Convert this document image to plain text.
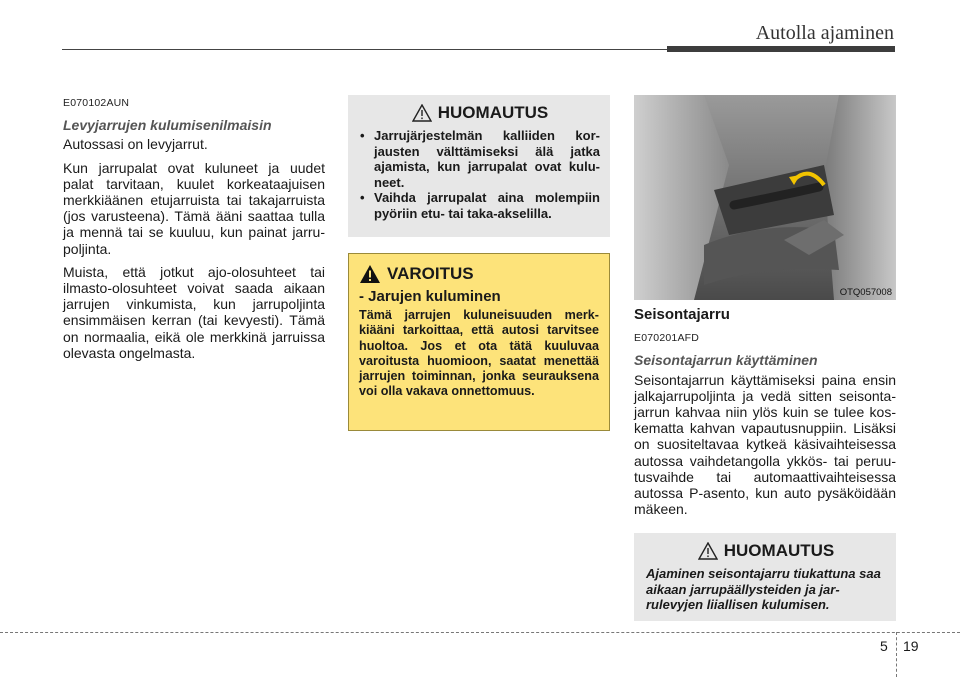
Autolla ajaminen
E070102AUN
Levyjarrujen kulumisenilmaisin

Autossasi on levyjarrut.

Kun jarrupalat ovat kuluneet ja uudet palat tarvitaan, kuulet korkeataajuisen merkkiäänen etujarruista tai takajarruista (jos varusteena). Tämä ääni saattaa tulla ja mennä tai se kuuluu, kun painat jarrupoljinta.

Muista, että jotkut ajo-olosuhteet tai ilmasto-olosuhteet voivat saada aikaan jarrujen vinkumista, kun jarrupoljinta ensimmäisen kerran (tai kevyesti). Tämä on normaalia, eikä ole merkkinä jarruissa olevasta ongelmasta.

HUOMAUTUS
• Jarrujärjestelmän kalliiden korjausten välttämiseksi älä jatka ajamista, kun jarrupalat ovat kuluneet.
• Vaihda jarrupalat aina molempiin pyöriin etu- tai taka-akselilla.
VAROITUS
- Jarujen kuluminen
Tämä jarrujen kuluneisuuden merkkiääni tarkoittaa, että autosi tarvitsee huoltoa. Jos et ota tätä kuuluvaa varoitusta huomioon, saatat menettää jarrujen toiminnan, jonka seurauksena voi olla vakava onnettomuus.
OTQ057008
Seisontajarru
E070201AFD
Seisontajarrun käyttäminen

Seisontajarrun käyttämiseksi paina ensin jalkajarrupoljinta ja vedä sitten seisontajarrun kahvaa niin ylös kuin se tulee koskematta kahvan vapautusnuppiin. Lisäksi on suositeltavaa kytkeä käsivaihteisessa autossa vaihdetangolla ykkös- tai peruutusvaihde tai automaattivaihteisessa autossa P-asento, kun auto pysäköidään mäkeen.

HUOMAUTUS
Ajaminen seisontajarru tiukattuna saa aikaan jarrupäällysteiden ja jarrulevyjen liiallisen kulumisen.
5 19
